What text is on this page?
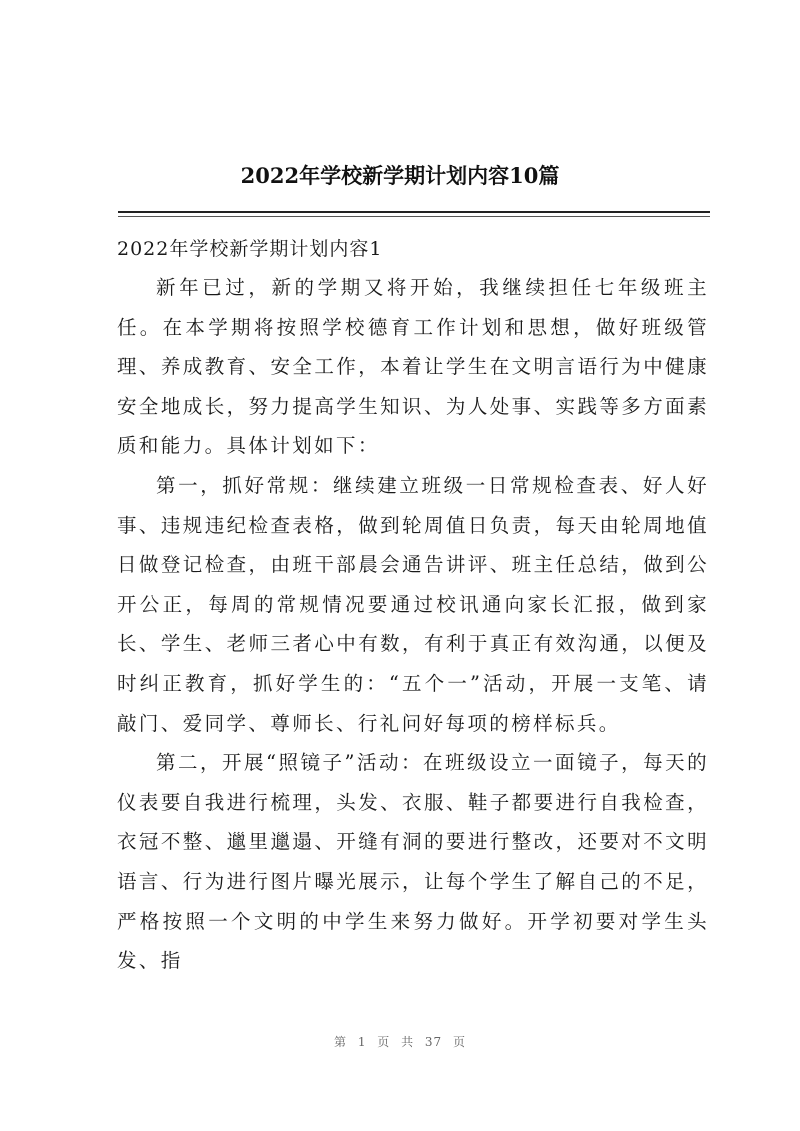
2022年学校新学期计划内容10篇
2022年学校新学期计划内容1

新年已过，新的学期又将开始，我继续担任七年级班主任。在本学期将按照学校德育工作计划和思想，做好班级管理、养成教育、安全工作，本着让学生在文明言语行为中健康安全地成长，努力提高学生知识、为人处事、实践等多方面素质和能力。具体计划如下：

第一，抓好常规：继续建立班级一日常规检查表、好人好事、违规违纪检查表格，做到轮周值日负责，每天由轮周地值日做登记检查，由班干部晨会通告讲评、班主任总结，做到公开公正，每周的常规情况要通过校讯通向家长汇报，做到家长、学生、老师三者心中有数，有利于真正有效沟通，以便及时纠正教育，抓好学生的：“五个一”活动，开展一支笔、请敲门、爱同学、尊师长、行礼问好每项的榜样标兵。

第二，开展“照镜子”活动：在班级设立一面镜子，每天的仪表要自我进行梳理，头发、衣服、鞋子都要进行自我检查，衣冠不整、邋里邋遢、开缝有洞的要进行整改，还要对不文明语言、行为进行图片曝光展示，让每个学生了解自己的不足，严格按照一个文明的中学生来努力做好。开学初要对学生头发、指

第 1 页 共 37 页
